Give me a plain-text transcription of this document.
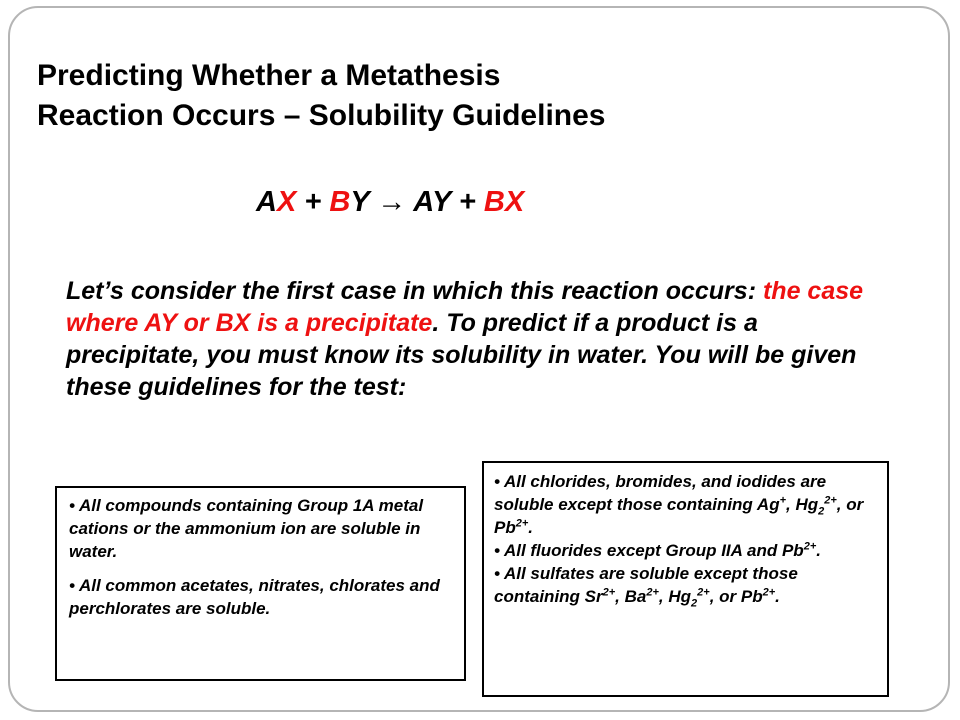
Predicting Whether a Metathesis
Reaction Occurs – Solubility Guidelines
AX + BY → AY + BX

Let’s consider the first case in which this reaction occurs: the case where AY or BX is a precipitate. To predict if a product is a precipitate, you must know its solubility in water. You will be given these guidelines for the test:

• All compounds containing Group 1A metal cations or the ammonium ion are soluble in water.

• All common acetates, nitrates, chlorates and perchlorates are soluble.

• All chlorides, bromides, and iodides are soluble except those containing Ag+, $Hg_2^{2+}$, or $Pb^{2+}$.

• All fluorides except Group IIA and $Pb^{2+}$.

• All sulfates are soluble except those containing $Sr^{2+}$, $Ba^{2+}$, $Hg_2^{2+}$, or $Pb^{2+}$.
